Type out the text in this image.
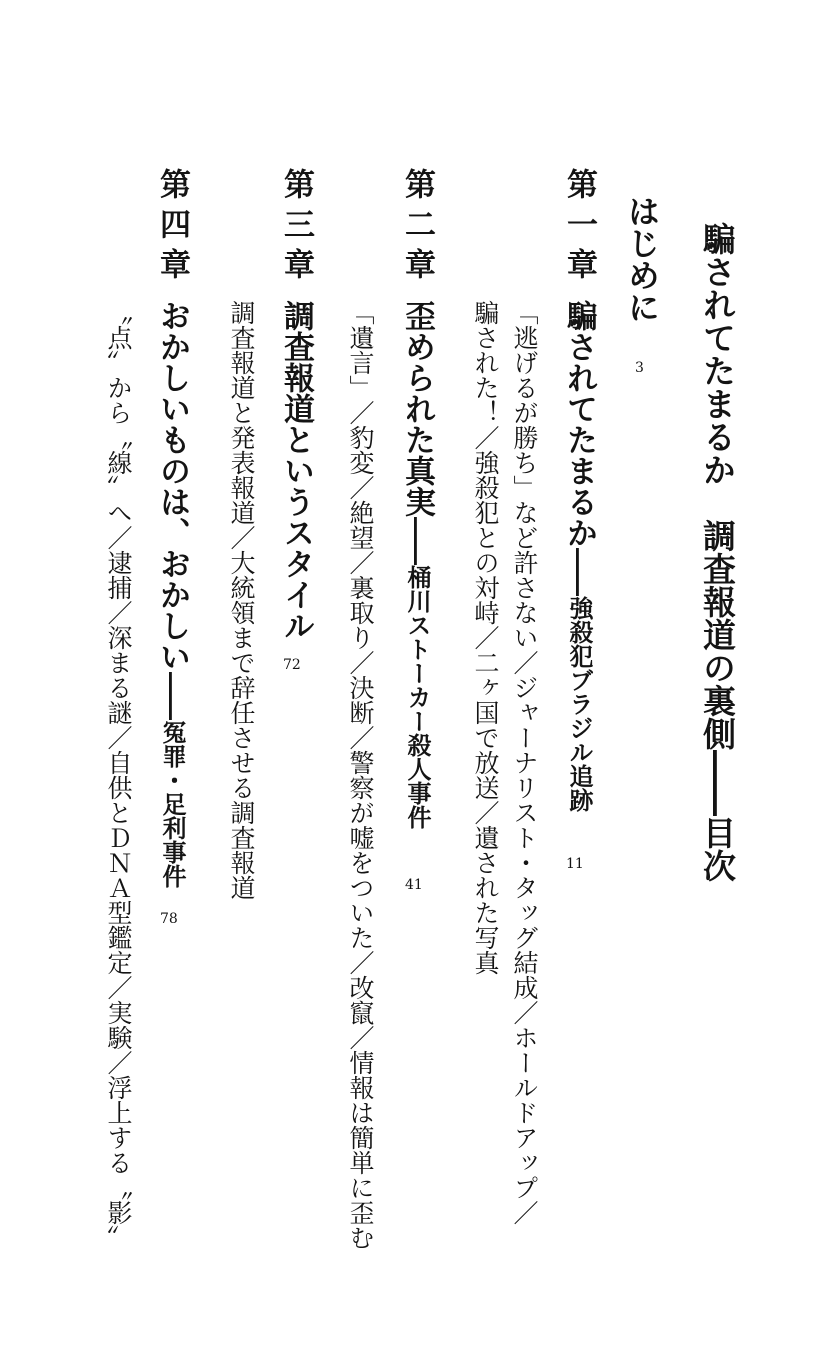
騙されてたまるか　調査報道の裏側――目次
はじめに
3
第一章
騙されてたまるか――強殺犯ブラジル追跡
11
「逃げるが勝ち」など許さない／ジャーナリスト・タッグ結成／ホールドアップ／
騙された！／強殺犯との対峙／二ヶ国で放送／遺された写真
第二章
歪められた真実――桶川ストーカー殺人事件
41
「遺言」／豹変／絶望／裏取り／決断／警察が嘘をついた／改竄／情報は簡単に歪む
第三章
調査報道というスタイル
72
調査報道と発表報道／大統領まで辞任させる調査報道
第四章
おかしいものは、おかしい――冤罪・足利事件
78
〝点〟から〝線〟へ／逮捕／深まる謎／自供とＤＮＡ型鑑定／実験／浮上する〝影〟
